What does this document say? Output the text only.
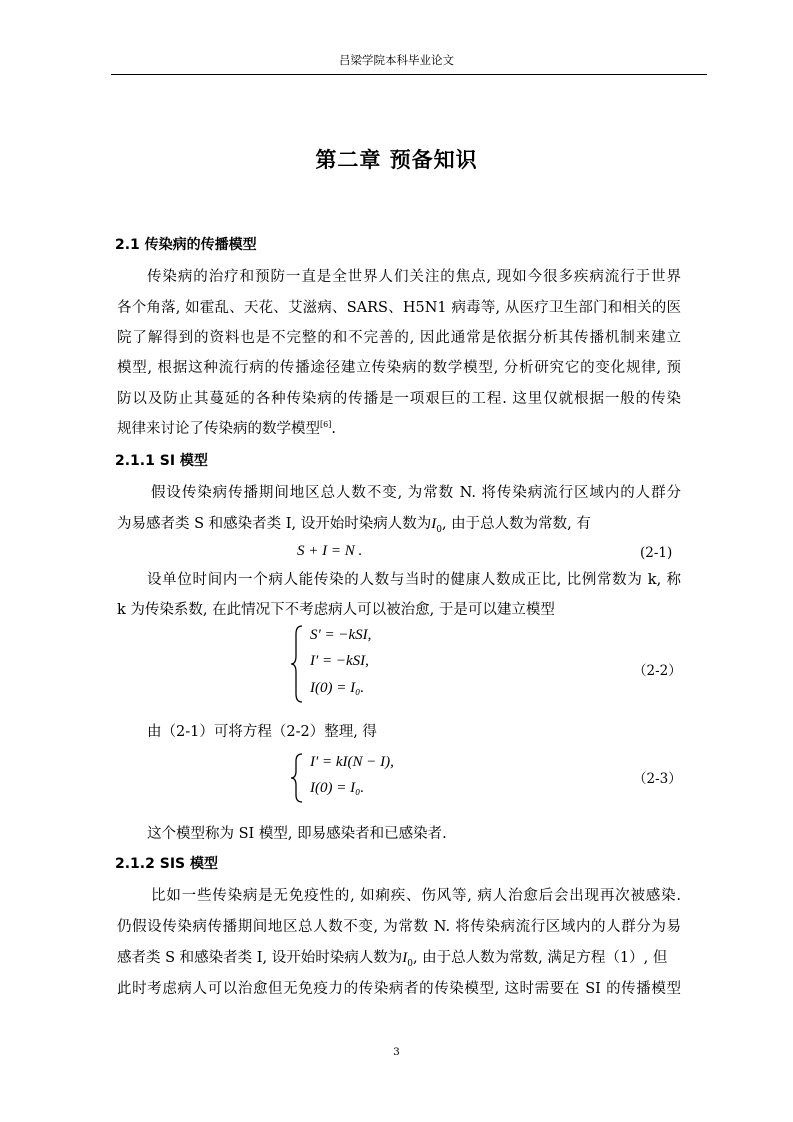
吕梁学院本科毕业论文
第二章 预备知识
2.1 传染病的传播模型
传染病的治疗和预防一直是全世界人们关注的焦点, 现如今很多疾病流行于世界
各个角落, 如霍乱、天花、艾滋病、SARS、H5N1 病毒等, 从医疗卫生部门和相关的医
院了解得到的资料也是不完整的和不完善的, 因此通常是依据分析其传播机制来建立
模型, 根据这种流行病的传播途径建立传染病的数学模型, 分析研究它的变化规律, 预
防以及防止其蔓延的各种传染病的传播是一项艰巨的工程. 这里仅就根据一般的传染
规律来讨论了传染病的数学模型[6].
2.1.1 SI 模型
假设传染病传播期间地区总人数不变, 为常数 N. 将传染病流行区域内的人群分
为易感者类 S 和感染者类 I, 设开始时染病人数为$I_0$, 由于总人数为常数, 有
S + I = N .	(2-1)
设单位时间内一个病人能传染的人数与当时的健康人数成正比, 比例常数为 k, 称
k 为传染系数, 在此情况下不考虑病人可以被治愈, 于是可以建立模型
S′ = −kSI,
I′ = −kSI,
I(0) = I₀.
（2-2）
由（2-1）可将方程（2-2）整理, 得
I′ = kI(N − I),
I(0) = I₀.
（2-3）
这个模型称为 SI 模型, 即易感染者和已感染者.
2.1.2 SIS 模型
比如一些传染病是无免疫性的, 如痢疾、伤风等, 病人治愈后会出现再次被感染.
仍假设传染病传播期间地区总人数不变, 为常数 N. 将传染病流行区域内的人群分为易
感者类 S 和感染者类 I, 设开始时染病人数为$I_0$, 由于总人数为常数, 满足方程（1）, 但
此时考虑病人可以治愈但无免疫力的传染病者的传染模型, 这时需要在 SI 的传播模型
3
